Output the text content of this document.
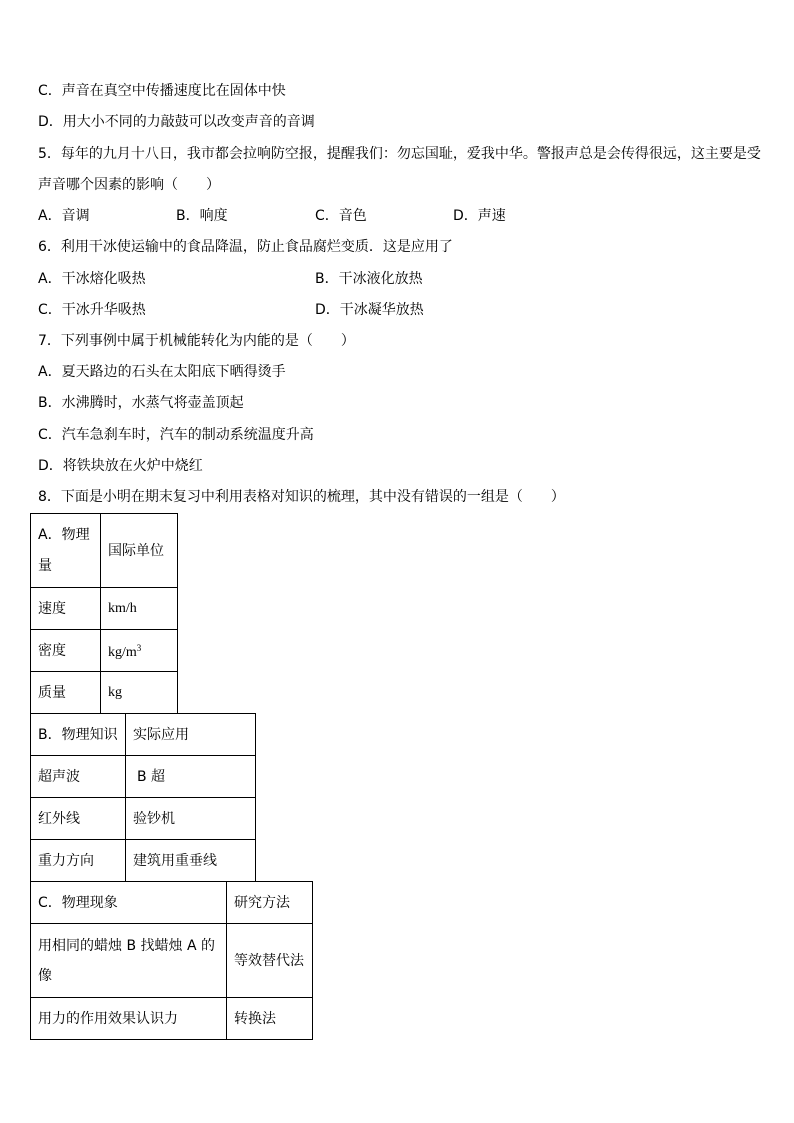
C．声音在真空中传播速度比在固体中快
D．用大小不同的力敲鼓可以改变声音的音调
5．每年的九月十八日，我市都会拉响防空报，提醒我们：勿忘国耻，爱我中华。警报声总是会传得很远，这主要是受
声音哪个因素的影响（　　）
A．音调	B．响度	C．音色	D．声速
6．利用干冰使运输中的食品降温，防止食品腐烂变质．这是应用了
A．干冰熔化吸热	B．干冰液化放热
C．干冰升华吸热	D．干冰凝华放热
7．下列事例中属于机械能转化为内能的是（　　）
A．夏天路边的石头在太阳底下晒得烫手
B．水沸腾时，水蒸气将壶盖顶起
C．汽车急刹车时，汽车的制动系统温度升高
D．将铁块放在火炉中烧红
8．下面是小明在期末复习中利用表格对知识的梳理，其中没有错误的一组是（　　）
A．物理
量	国际单位
速度	km/h
密度	$kg/m^3$
质量	kg
B．物理知识	实际应用
超声波	B 超
红外线	验钞机
重力方向	建筑用重垂线
C．物理现象	研究方法
用相同的蜡烛 B 找蜡烛 A 的
像	等效替代法
用力的作用效果认识力	转换法
